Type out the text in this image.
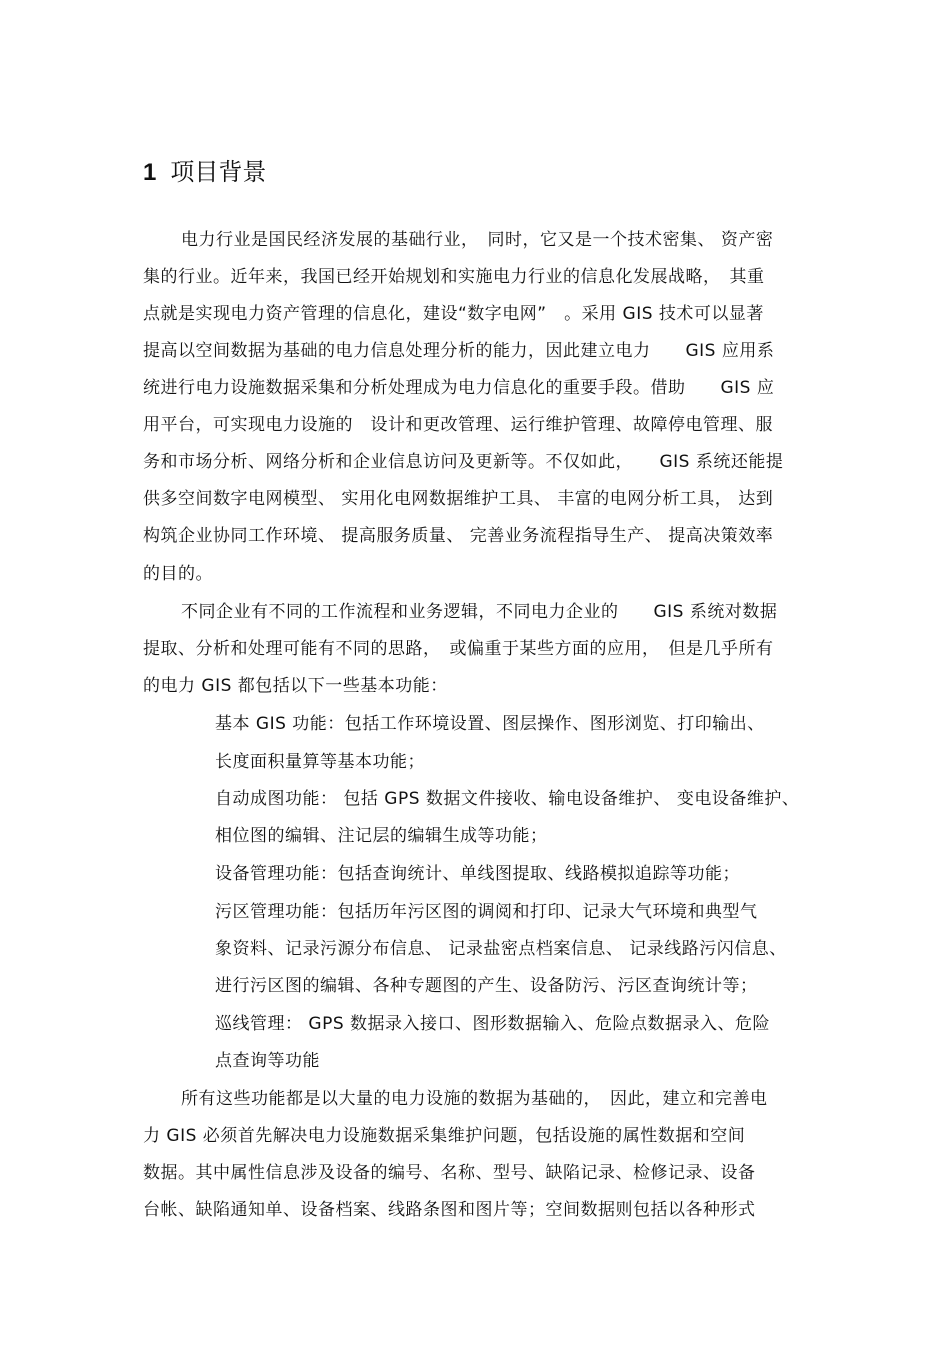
1 项目背景
电力行业是国民经济发展的基础行业，　同时，它又是一个技术密集、 资产密
集的行业。近年来，我国已经开始规划和实施电力行业的信息化发展战略，　其重
点就是实现电力资产管理的信息化，建设“数字电网”　。采用 GIS 技术可以显著
提高以空间数据为基础的电力信息处理分析的能力，因此建立电力　　GIS 应用系
统进行电力设施数据采集和分析处理成为电力信息化的重要手段。借助　　GIS 应
用平台，可实现电力设施的　设计和更改管理、运行维护管理、故障停电管理、服
务和市场分析、网络分析和企业信息访问及更新等。不仅如此，　　GIS 系统还能提
供多空间数字电网模型、 实用化电网数据维护工具、 丰富的电网分析工具， 达到
构筑企业协同工作环境、 提高服务质量、 完善业务流程指导生产、 提高决策效率
的目的。
不同企业有不同的工作流程和业务逻辑，不同电力企业的　　GIS 系统对数据
提取、分析和处理可能有不同的思路，　或偏重于某些方面的应用，　但是几乎所有
的电力 GIS 都包括以下一些基本功能：
基本 GIS 功能：包括工作环境设置、图层操作、图形浏览、打印输出、
长度面积量算等基本功能；
自动成图功能： 包括 GPS 数据文件接收、输电设备维护、 变电设备维护、
相位图的编辑、注记层的编辑生成等功能；
设备管理功能：包括查询统计、单线图提取、线路模拟追踪等功能；
污区管理功能：包括历年污区图的调阅和打印、记录大气环境和典型气
象资料、记录污源分布信息、 记录盐密点档案信息、 记录线路污闪信息、
进行污区图的编辑、各种专题图的产生、设备防污、污区查询统计等；
巡线管理： GPS 数据录入接口、图形数据输入、危险点数据录入、危险
点查询等功能
所有这些功能都是以大量的电力设施的数据为基础的，　因此，建立和完善电
力 GIS 必须首先解决电力设施数据采集维护问题，包括设施的属性数据和空间
数据。其中属性信息涉及设备的编号、名称、型号、缺陷记录、检修记录、设备
台帐、缺陷通知单、设备档案、线路条图和图片等；空间数据则包括以各种形式
